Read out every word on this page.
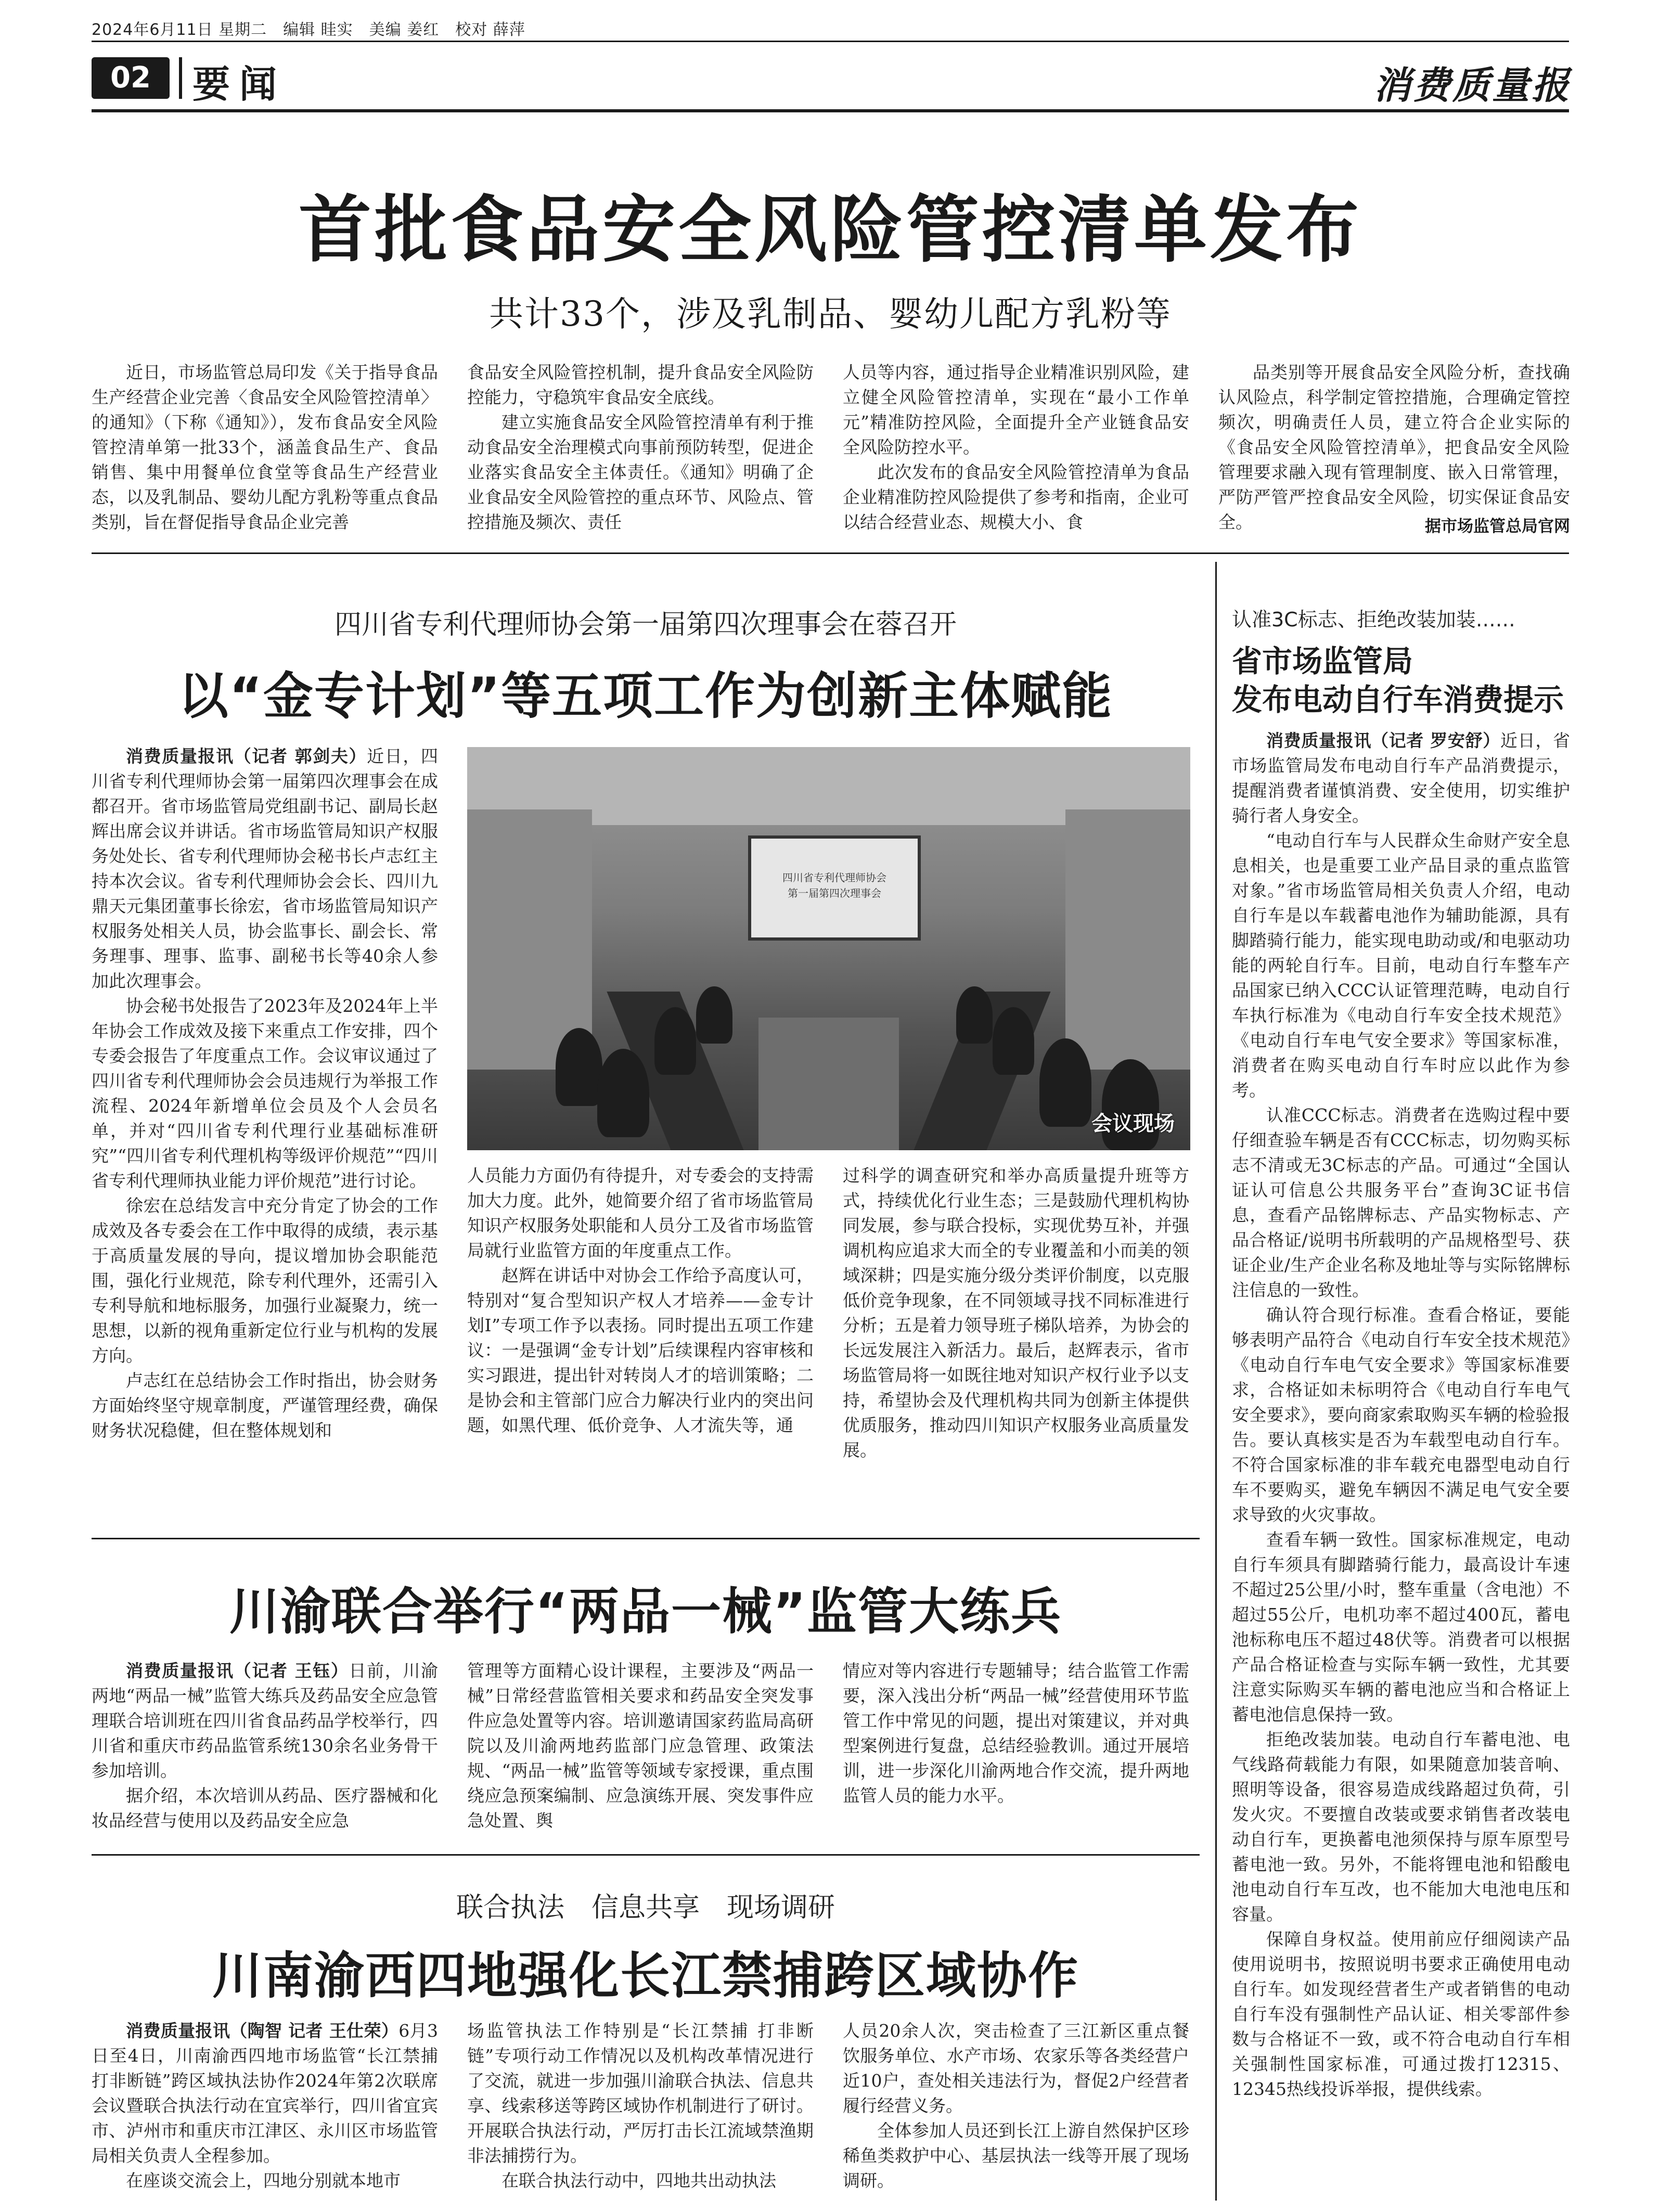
2024年6月11日 星期二　编辑 眭实　美编 姜红　校对 薛萍
02	要闻	消费质量报
首批食品安全风险管控清单发布
共计33个，涉及乳制品、婴幼儿配方乳粉等

近日，市场监管总局印发《关于指导食品生产经营企业完善〈食品安全风险管控清单〉的通知》（下称《通知》），发布食品安全风险管控清单第一批33个，涵盖食品生产、食品销售、集中用餐单位食堂等食品生产经营业态，以及乳制品、婴幼儿配方乳粉等重点食品类别，旨在督促指导食品企业完善

食品安全风险管控机制，提升食品安全风险防控能力，守稳筑牢食品安全底线。

建立实施食品安全风险管控清单有利于推动食品安全治理模式向事前预防转型，促进企业落实食品安全主体责任。《通知》明确了企业食品安全风险管控的重点环节、风险点、管控措施及频次、责任

人员等内容，通过指导企业精准识别风险，建立健全风险管控清单，实现在“最小工作单元”精准防控风险，全面提升全产业链食品安全风险防控水平。

此次发布的食品安全风险管控清单为食品企业精准防控风险提供了参考和指南，企业可以结合经营业态、规模大小、食

品类别等开展食品安全风险分析，查找确认风险点，科学制定管控措施，合理确定管控频次，明确责任人员，建立符合企业实际的《食品安全风险管控清单》，把食品安全风险管理要求融入现有管理制度、嵌入日常管理，严防严管严控食品安全风险，切实保证食品安全。	据市场监管总局官网
四川省专利代理师协会第一届第四次理事会在蓉召开
以“金专计划”等五项工作为创新主体赋能

消费质量报讯（记者 郭剑夫）近日，四川省专利代理师协会第一届第四次理事会在成都召开。省市场监管局党组副书记、副局长赵辉出席会议并讲话。省市场监管局知识产权服务处处长、省专利代理师协会秘书长卢志红主持本次会议。省专利代理师协会会长、四川九鼎天元集团董事长徐宏，省市场监管局知识产权服务处相关人员，协会监事长、副会长、常务理事、理事、监事、副秘书长等40余人参加此次理事会。

协会秘书处报告了2023年及2024年上半年协会工作成效及接下来重点工作安排，四个专委会报告了年度重点工作。会议审议通过了四川省专利代理师协会会员违规行为举报工作流程、2024年新增单位会员及个人会员名单，并对“四川省专利代理行业基础标准研究”“四川省专利代理机构等级评价规范”“四川省专利代理师执业能力评价规范”进行讨论。

徐宏在总结发言中充分肯定了协会的工作成效及各专委会在工作中取得的成绩，表示基于高质量发展的导向，提议增加协会职能范围，强化行业规范，除专利代理外，还需引入专利导航和地标服务，加强行业凝聚力，统一思想，以新的视角重新定位行业与机构的发展方向。

卢志红在总结协会工作时指出，协会财务方面始终坚守规章制度，严谨管理经费，确保财务状况稳健，但在整体规划和

四川省专利代理师协会
第一届第四次理事会
会议现场

人员能力方面仍有待提升，对专委会的支持需加大力度。此外，她简要介绍了省市场监管局知识产权服务处职能和人员分工及省市场监管局就行业监管方面的年度重点工作。

赵辉在讲话中对协会工作给予高度认可，特别对“复合型知识产权人才培养——金专计划Ⅰ”专项工作予以表扬。同时提出五项工作建议：一是强调“金专计划”后续课程内容审核和实习跟进，提出针对转岗人才的培训策略；二是协会和主管部门应合力解决行业内的突出问题，如黑代理、低价竞争、人才流失等，通

过科学的调查研究和举办高质量提升班等方式，持续优化行业生态；三是鼓励代理机构协同发展，参与联合投标，实现优势互补，并强调机构应追求大而全的专业覆盖和小而美的领域深耕；四是实施分级分类评价制度，以克服低价竞争现象，在不同领域寻找不同标准进行分析；五是着力领导班子梯队培养，为协会的长远发展注入新活力。最后，赵辉表示，省市场监管局将一如既往地对知识产权行业予以支持，希望协会及代理机构共同为创新主体提供优质服务，推动四川知识产权服务业高质量发展。

川渝联合举行“两品一械”监管大练兵

消费质量报讯（记者 王钰）日前，川渝两地“两品一械”监管大练兵及药品安全应急管理联合培训班在四川省食品药品学校举行，四川省和重庆市药品监管系统130余名业务骨干参加培训。

据介绍，本次培训从药品、医疗器械和化妆品经营与使用以及药品安全应急

管理等方面精心设计课程，主要涉及“两品一械”日常经营监管相关要求和药品安全突发事件应急处置等内容。培训邀请国家药监局高研院以及川渝两地药监部门应急管理、政策法规、“两品一械”监管等领域专家授课，重点围绕应急预案编制、应急演练开展、突发事件应急处置、舆

情应对等内容进行专题辅导；结合监管工作需要，深入浅出分析“两品一械”经营使用环节监管工作中常见的问题，提出对策建议，并对典型案例进行复盘，总结经验教训。通过开展培训，进一步深化川渝两地合作交流，提升两地监管人员的能力水平。

联合执法　信息共享　现场调研
川南渝西四地强化长江禁捕跨区域协作

消费质量报讯（陶智 记者 王仕荣）6月3日至4日，川南渝西四地市场监管“长江禁捕 打非断链”跨区域执法协作2024年第2次联席会议暨联合执法行动在宜宾举行，四川省宜宾市、泸州市和重庆市江津区、永川区市场监管局相关负责人全程参加。

在座谈交流会上，四地分别就本地市

场监管执法工作特别是“长江禁捕 打非断链”专项行动工作情况以及机构改革情况进行了交流，就进一步加强川渝联合执法、信息共享、线索移送等跨区域协作机制进行了研讨。开展联合执法行动，严厉打击长江流域禁渔期非法捕捞行为。

在联合执法行动中，四地共出动执法

人员20余人次，突击检查了三江新区重点餐饮服务单位、水产市场、农家乐等各类经营户近10户，查处相关违法行为，督促2户经营者履行经营义务。

全体参加人员还到长江上游自然保护区珍稀鱼类救护中心、基层执法一线等开展了现场调研。

认准3C标志、拒绝改装加装……
省市场监管局
发布电动自行车消费提示

消费质量报讯（记者 罗安舒）近日，省市场监管局发布电动自行车产品消费提示，提醒消费者谨慎消费、安全使用，切实维护骑行者人身安全。

“电动自行车与人民群众生命财产安全息息相关，也是重要工业产品目录的重点监管对象。”省市场监管局相关负责人介绍，电动自行车是以车载蓄电池作为辅助能源，具有脚踏骑行能力，能实现电助动或/和电驱动功能的两轮自行车。目前，电动自行车整车产品国家已纳入CCC认证管理范畴，电动自行车执行标准为《电动自行车安全技术规范》《电动自行车电气安全要求》等国家标准，消费者在购买电动自行车时应以此作为参考。

认准CCC标志。消费者在选购过程中要仔细查验车辆是否有CCC标志，切勿购买标志不清或无3C标志的产品。可通过“全国认证认可信息公共服务平台”查询3C证书信息，查看产品铭牌标志、产品实物标志、产品合格证/说明书所载明的产品规格型号、获证企业/生产企业名称及地址等与实际铭牌标注信息的一致性。

确认符合现行标准。查看合格证，要能够表明产品符合《电动自行车安全技术规范》《电动自行车电气安全要求》等国家标准要求，合格证如未标明符合《电动自行车电气安全要求》，要向商家索取购买车辆的检验报告。要认真核实是否为车载型电动自行车。不符合国家标准的非车载充电器型电动自行车不要购买，避免车辆因不满足电气安全要求导致的火灾事故。

查看车辆一致性。国家标准规定，电动自行车须具有脚踏骑行能力，最高设计车速不超过25公里/小时，整车重量（含电池）不超过55公斤，电机功率不超过400瓦，蓄电池标称电压不超过48伏等。消费者可以根据产品合格证检查与实际车辆一致性，尤其要注意实际购买车辆的蓄电池应当和合格证上蓄电池信息保持一致。

拒绝改装加装。电动自行车蓄电池、电气线路荷载能力有限，如果随意加装音响、照明等设备，很容易造成线路超过负荷，引发火灾。不要擅自改装或要求销售者改装电动自行车，更换蓄电池须保持与原车原型号蓄电池一致。另外，不能将锂电池和铅酸电池电动自行车互改，也不能加大电池电压和容量。

保障自身权益。使用前应仔细阅读产品使用说明书，按照说明书要求正确使用电动自行车。如发现经营者生产或者销售的电动自行车没有强制性产品认证、相关零部件参数与合格证不一致，或不符合电动自行车相关强制性国家标准，可通过拨打12315、12345热线投诉举报，提供线索。
